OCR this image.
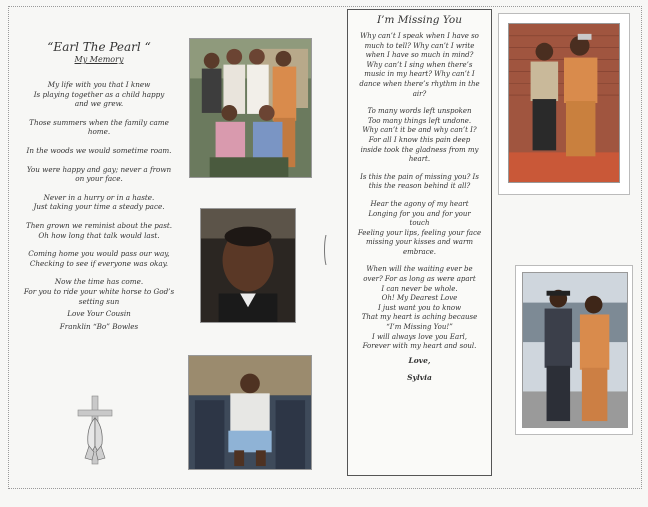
“Earl The Pearl “
My Memory

My life with you that I knew
Is playing together as a child happy
and we grew.

Those summers when the family came
home.

In the woods we would sometime roam.

You were happy and gay; never a frown
on your face.

Never in a hurry or in a haste.
Just taking your time a steady pace.

Then grown we reminist about the past.
Oh how long that talk would last.

Coming home you would pass our way,
Checking to see if everyone was okay.

Now the time has come.
For you to ride your white horse to God’s
setting sun

Love Your Cousin

Franklin “Bo” Bowles

I’m Missing You

Why can’t I speak when I have so
much to tell? Why can’t I write
when I have so much in mind?
Why can’t I sing when there’s
music in my heart? Why can’t I
dance when there’s rhythm in the
air?

To many words left unspoken
Too many things left undone.
Why can’t it be and why can’t I?
For all I know this pain deep
inside took the gladness from my
heart.

Is this the pain of missing you? Is
this the reason behind it all?

Hear the agony of my heart
Longing for you and for your
touch
Feeling your lips, feeling your face
missing your kisses and warm
embrace.

When will the waiting ever be
over? For as long as were apart
I can never be whole.
Oh! My Dearest Love
I just want you to know
That my heart is aching because
“I’m Missing You!”
I will always love you Earl,
Forever with my heart and soul.

Love,

Sylvia
